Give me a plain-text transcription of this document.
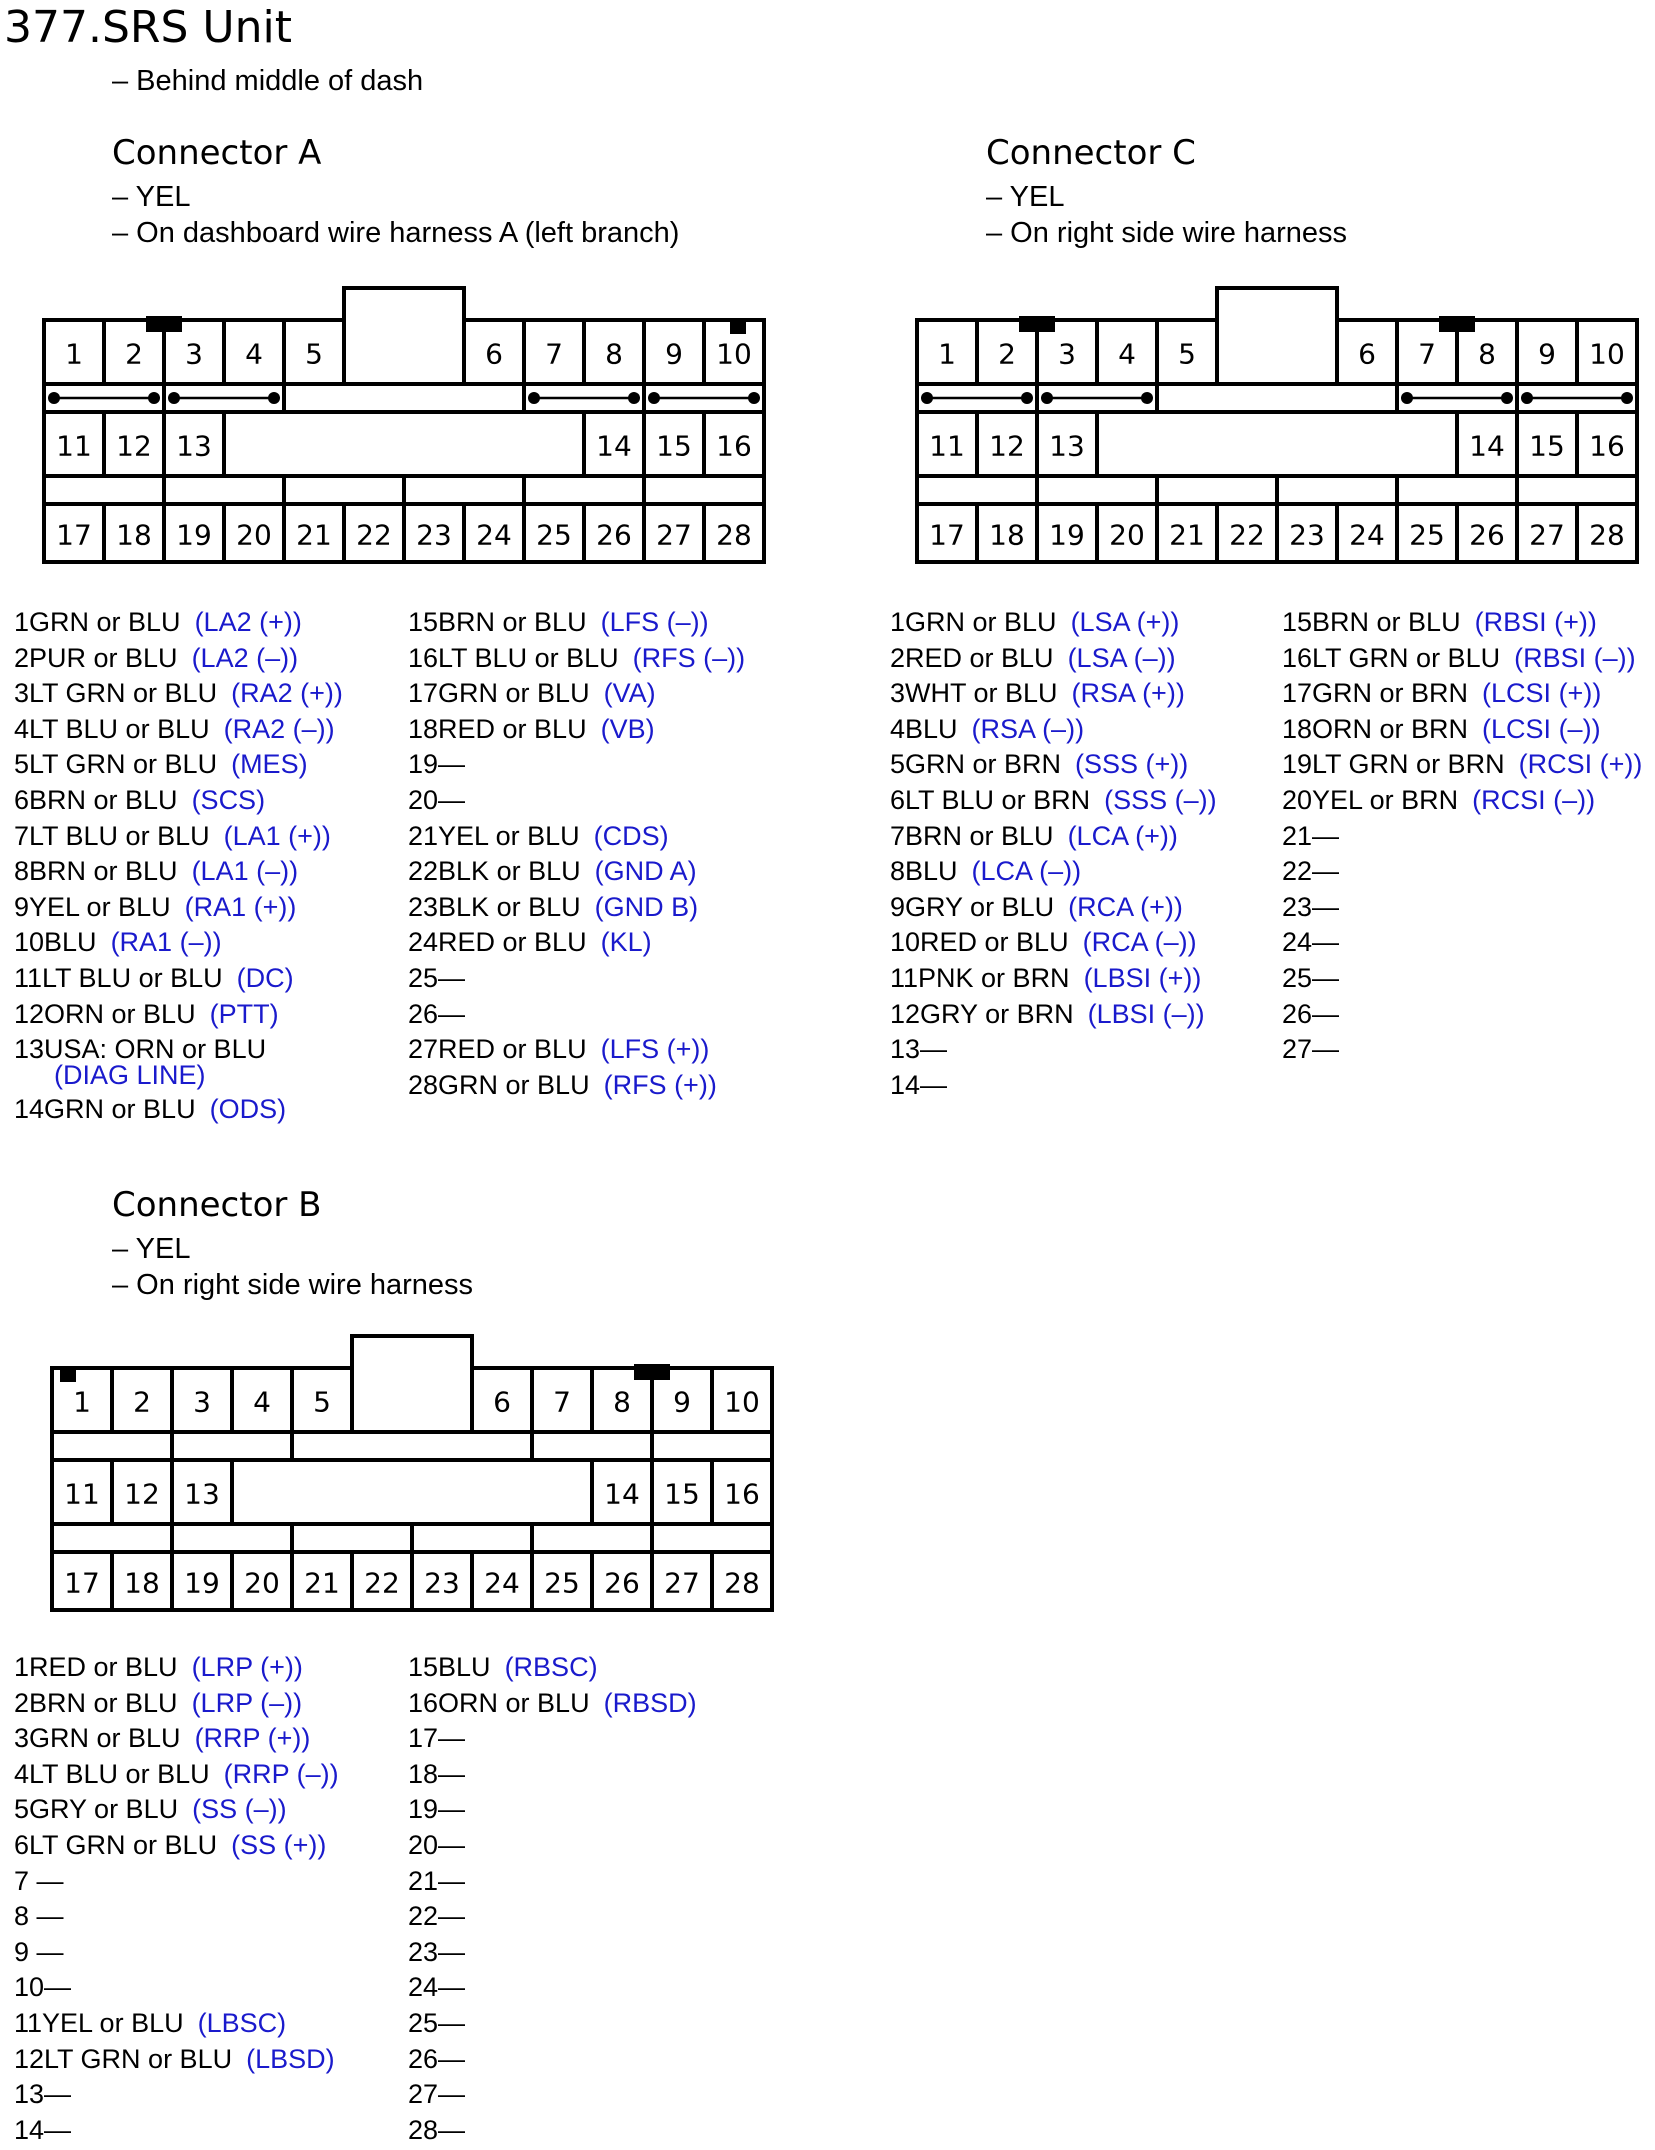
377.SRS Unit
– Behind middle of dash
Connector A
– YEL
– On dashboard wire harness A (left branch)
Connector C
– YEL
– On right side wire harness
Connector B
– YEL
– On right side wire harness
1 2 3 4 5	6 7 8 9 10
11 12 13	14 15 16
17 18 19 20 21 22 23 24 25 26 27 28
1 2 3 4 5	6 7 8 9 10
11 12 13	14 15 16
17 18 19 20 21 22 23 24 25 26 27 28
1 2 3 4 5	6 7 8 9 10
11 12 13	14 15 16
17 18 19 20 21 22 23 24 25 26 27 28
1GRN or BLU (LA2 (+))
2PUR or BLU (LA2 (–))
3LT GRN or BLU (RA2 (+))
4LT BLU or BLU (RA2 (–))
5LT GRN or BLU (MES)
6BRN or BLU (SCS)
7LT BLU or BLU (LA1 (+))
8BRN or BLU (LA1 (–))
9YEL or BLU (RA1 (+))
10BLU (RA1 (–))
11LT BLU or BLU (DC)
12ORN or BLU (PTT)
13USA: ORN or BLU
(DIAG LINE)
14GRN or BLU (ODS)
15BRN or BLU (LFS (–))
16LT BLU or BLU (RFS (–))
17GRN or BLU (VA)
18RED or BLU (VB)
19—
20—
21YEL or BLU (CDS)
22BLK or BLU (GND A)
23BLK or BLU (GND B)
24RED or BLU (KL)
25—
26—
27RED or BLU (LFS (+))
28GRN or BLU (RFS (+))
1GRN or BLU (LSA (+))
2RED or BLU (LSA (–))
3WHT or BLU (RSA (+))
4BLU (RSA (–))
5GRN or BRN (SSS (+))
6LT BLU or BRN (SSS (–))
7BRN or BLU (LCA (+))
8BLU (LCA (–))
9GRY or BLU (RCA (+))
10RED or BLU (RCA (–))
11PNK or BRN (LBSI (+))
12GRY or BRN (LBSI (–))
13—
14—
15BRN or BLU (RBSI (+))
16LT GRN or BLU (RBSI (–))
17GRN or BRN (LCSI (+))
18ORN or BRN (LCSI (–))
19LT GRN or BRN (RCSI (+))
20YEL or BRN (RCSI (–))
21—
22—
23—
24—
25—
26—
27—
1RED or BLU (LRP (+))
2BRN or BLU (LRP (–))
3GRN or BLU (RRP (+))
4LT BLU or BLU (RRP (–))
5GRY or BLU (SS (–))
6LT GRN or BLU (SS (+))
7 —
8 —
9 —
10—
11YEL or BLU (LBSC)
12LT GRN or BLU (LBSD)
13—
14—
15BLU (RBSC)
16ORN or BLU (RBSD)
17—
18—
19—
20—
21—
22—
23—
24—
25—
26—
27—
28—
